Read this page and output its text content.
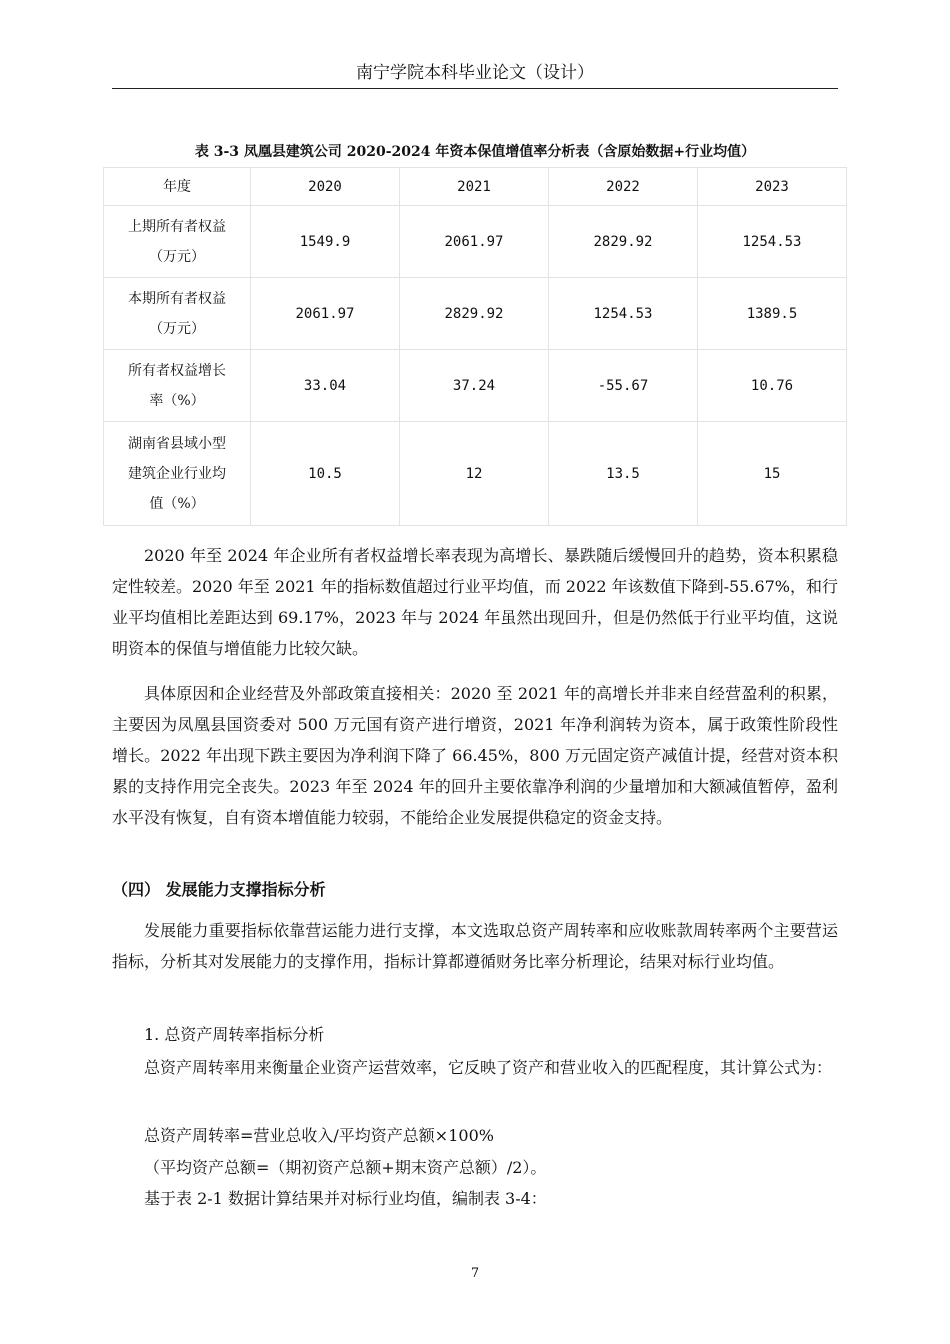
南宁学院本科毕业论文（设计）
表 3-3 凤凰县建筑公司 2020-2024 年资本保值增值率分析表（含原始数据+行业均值）
年度	2020	2021	2022	2023

上期所有者权益
（万元）	1549.9	2061.97	2829.92	1254.53

本期所有者权益
（万元）	2061.97	2829.92	1254.53	1389.5

所有者权益增长
率（%）	33.04	37.24	-55.67	10.76

湖南省县域小型
建筑企业行业均
值（%）	10.5	12	13.5	15

2020 年至 2024 年企业所有者权益增长率表现为高增长、暴跌随后缓慢回升的趋势，资本积累稳定性较差。2020 年至 2021 年的指标数值超过行业平均值，而 2022 年该数值下降到-55.67%，和行业平均值相比差距达到 69.17%，2023 年与 2024 年虽然出现回升，但是仍然低于行业平均值，这说明资本的保值与增值能力比较欠缺。

具体原因和企业经营及外部政策直接相关：2020 至 2021 年的高增长并非来自经营盈利的积累，主要因为凤凰县国资委对 500 万元国有资产进行增资，2021 年净利润转为资本，属于政策性阶段性增长。2022 年出现下跌主要因为净利润下降了 66.45%，800 万元固定资产减值计提，经营对资本积累的支持作用完全丧失。2023 年至 2024 年的回升主要依靠净利润的少量增加和大额减值暂停，盈利水平没有恢复，自有资本增值能力较弱，不能给企业发展提供稳定的资金支持。

（四） 发展能力支撑指标分析

发展能力重要指标依靠营运能力进行支撑，本文选取总资产周转率和应收账款周转率两个主要营运指标，分析其对发展能力的支撑作用，指标计算都遵循财务比率分析理论，结果对标行业均值。

1. 总资产周转率指标分析

总资产周转率用来衡量企业资产运营效率，它反映了资产和营业收入的匹配程度，其计算公式为：

总资产周转率=营业总收入/平均资产总额×100%

（平均资产总额=（期初资产总额+期末资产总额）/2）。

基于表 2-1 数据计算结果并对标行业均值，编制表 3-4：

7
